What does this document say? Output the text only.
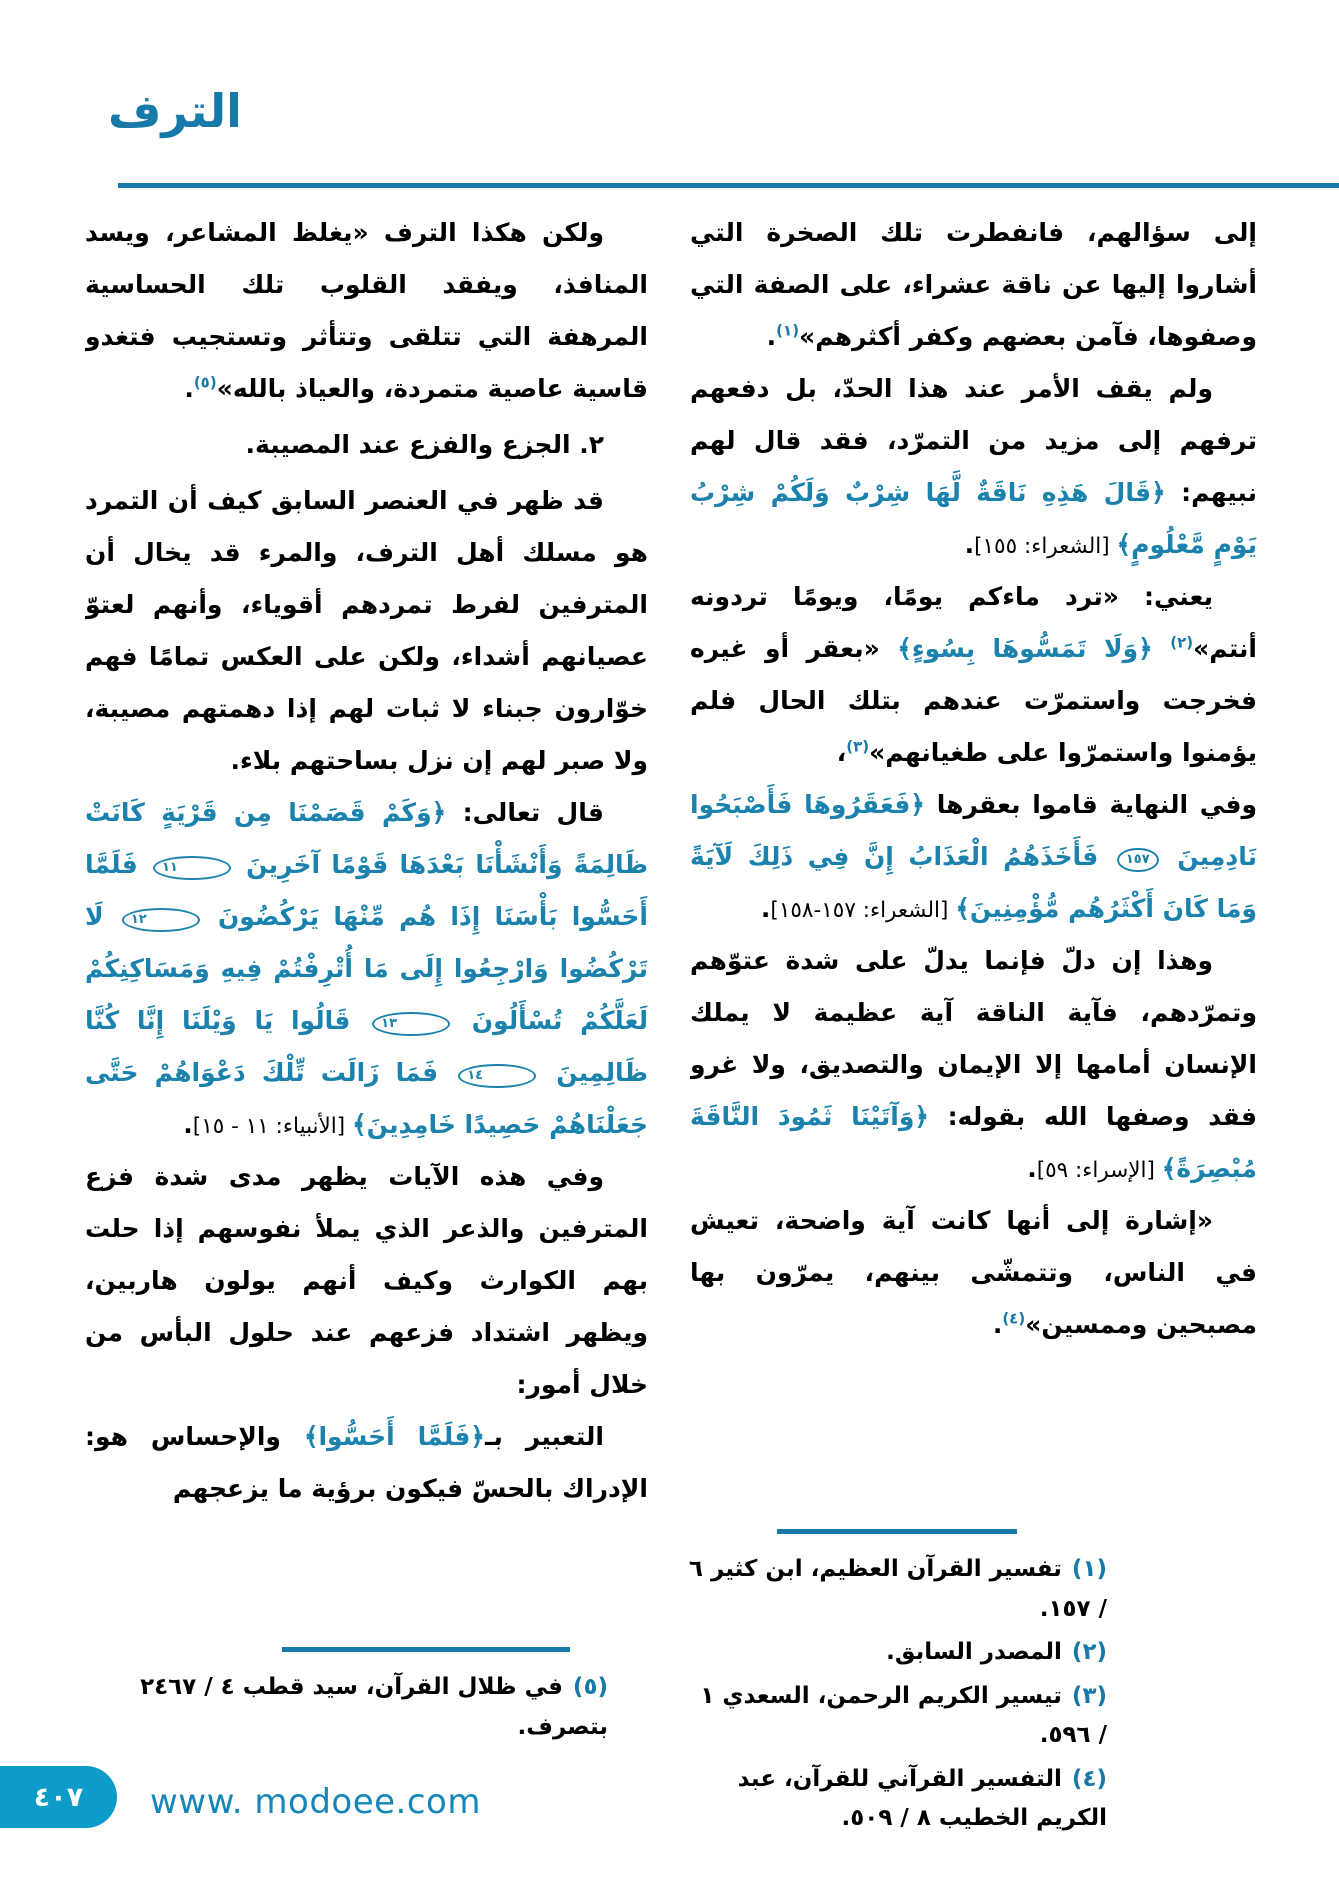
الترف

إلى سؤالهم، فانفطرت تلك الصخرة التي أشاروا إليها عن ناقة عشراء، على الصفة التي وصفوها، فآمن بعضهم وكفر أكثرهم»$^{(١)}$.

ولم يقف الأمر عند هذا الحدّ، بل دفعهم ترفهم إلى مزيد من التمرّد، فقد قال لهم نبيهم: ﴿قَالَ هَذِهِ نَاقَةٌ لَّهَا شِرْبٌ وَلَكُمْ شِرْبُ يَوْمٍ مَّعْلُومٍ﴾ [الشعراء: ١٥٥].

يعني: «ترد ماءكم يومًا، ويومًا تردونه أنتم»$^{(٢)}$ ﴿وَلَا تَمَسُّوهَا بِسُوءٍ﴾ «بعقر أو غيره فخرجت واستمرّت عندهم بتلك الحال فلم يؤمنوا واستمرّوا على طغيانهم»$^{(٣)}$،

وفي النهاية قاموا بعقرها ﴿فَعَقَرُوهَا فَأَصْبَحُوا نَادِمِينَ ١٥٧ فَأَخَذَهُمُ الْعَذَابُ إِنَّ فِي ذَلِكَ لَآيَةً وَمَا كَانَ أَكْثَرُهُم مُّؤْمِنِينَ﴾ [الشعراء: ١٥٧-١٥٨].

وهذا إن دلّ فإنما يدلّ على شدة عتوّهم وتمرّدهم، فآية الناقة آية عظيمة لا يملك الإنسان أمامها إلا الإيمان والتصديق، ولا غرو فقد وصفها الله بقوله: ﴿وَآتَيْنَا ثَمُودَ النَّاقَةَ مُبْصِرَةً﴾ [الإسراء: ٥٩].

«إشارة إلى أنها كانت آية واضحة، تعيش في الناس، وتتمشّى بينهم، يمرّون بها مصبحين وممسين»$^{(٤)}$.

(١)تفسير القرآن العظيم، ابن كثير ٦ / ١٥٧.

(٢)المصدر السابق.

(٣)تيسير الكريم الرحمن، السعدي ١ / ٥٩٦.

(٤)التفسير القرآني للقرآن، عبد الكريم الخطيب ٨ / ٥٠٩.

ولكن هكذا الترف «يغلظ المشاعر، ويسد المنافذ، ويفقد القلوب تلك الحساسية المرهفة التي تتلقى وتتأثر وتستجيب فتغدو قاسية عاصية متمردة، والعياذ بالله»$^{(٥)}$.

٢. الجزع والفزع عند المصيبة.

قد ظهر في العنصر السابق كيف أن التمرد هو مسلك أهل الترف، والمرء قد يخال أن المترفين لفرط تمردهم أقوياء، وأنهم لعتوّ عصيانهم أشداء، ولكن على العكس تمامًا فهم خوّارون جبناء لا ثبات لهم إذا دهمتهم مصيبة، ولا صبر لهم إن نزل بساحتهم بلاء.

قال تعالى: ﴿وَكَمْ قَصَمْنَا مِن قَرْيَةٍ كَانَتْ ظَالِمَةً وَأَنْشَأْنَا بَعْدَهَا قَوْمًا آخَرِينَ ١١ فَلَمَّا أَحَسُّوا بَأْسَنَا إِذَا هُم مِّنْهَا يَرْكُضُونَ ١٢ لَا تَرْكُضُوا وَارْجِعُوا إِلَى مَا أُتْرِفْتُمْ فِيهِ وَمَسَاكِنِكُمْ لَعَلَّكُمْ تُسْأَلُونَ ١٣ قَالُوا يَا وَيْلَنَا إِنَّا كُنَّا ظَالِمِينَ ١٤ فَمَا زَالَت تِّلْكَ دَعْوَاهُمْ حَتَّى جَعَلْنَاهُمْ حَصِيدًا خَامِدِينَ﴾ [الأنبياء: ١١ - ١٥].

وفي هذه الآيات يظهر مدى شدة فزع المترفين والذعر الذي يملأ نفوسهم إذا حلت بهم الكوارث وكيف أنهم يولون هاربين، ويظهر اشتداد فزعهم عند حلول البأس من خلال أمور:

التعبير بـ﴿فَلَمَّا أَحَسُّوا﴾ والإحساس هو: الإدراك بالحسّ فيكون برؤية ما يزعجهم

(٥)في ظلال القرآن، سيد قطب ٤ / ٢٤٦٧ بتصرف.

٤٠٧ www. modoee.com
